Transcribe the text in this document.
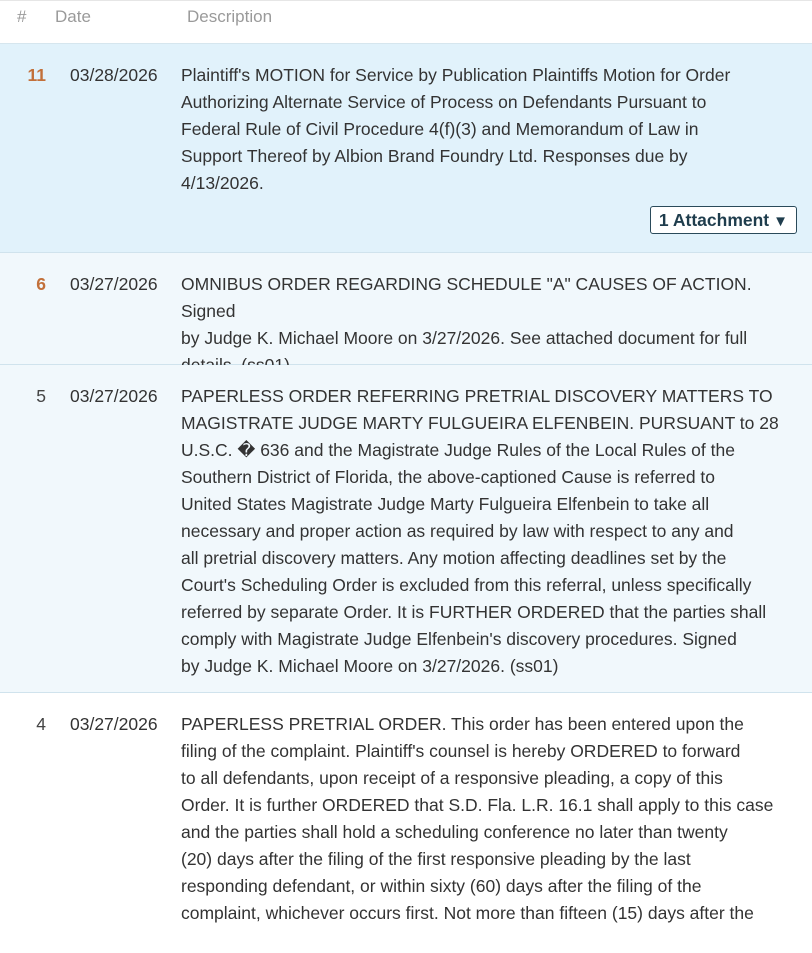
# Date	Description
11 03/28/2026 Plaintiff's MOTION for Service by Publication Plaintiffs Motion for Order
Authorizing Alternate Service of Process on Defendants Pursuant to
Federal Rule of Civil Procedure 4(f)(3) and Memorandum of Law in
Support Thereof by Albion Brand Foundry Ltd. Responses due by
4/13/2026.
1 Attachment ▼
6 03/27/2026 OMNIBUS ORDER REGARDING SCHEDULE "A" CAUSES OF ACTION. Signed
by Judge K. Michael Moore on 3/27/2026. See attached document for full
5 03/27/2026 PAPERLESS ORDER REFERRING PRETRIAL DISCOVERY MATTERS TO
MAGISTRATE JUDGE MARTY FULGUEIRA ELFENBEIN. PURSUANT to 28
U.S.C. � 636 and the Magistrate Judge Rules of the Local Rules of the
Southern District of Florida, the above-captioned Cause is referred to
United States Magistrate Judge Marty Fulgueira Elfenbein to take all
necessary and proper action as required by law with respect to any and
all pretrial discovery matters. Any motion affecting deadlines set by the
Court's Scheduling Order is excluded from this referral, unless specifically
referred by separate Order. It is FURTHER ORDERED that the parties shall
comply with Magistrate Judge Elfenbein's discovery procedures. Signed
by Judge K. Michael Moore on 3/27/2026. (ss01)
4 03/27/2026 PAPERLESS PRETRIAL ORDER. This order has been entered upon the
filing of the complaint. Plaintiff's counsel is hereby ORDERED to forward
to all defendants, upon receipt of a responsive pleading, a copy of this
Order. It is further ORDERED that S.D. Fla. L.R. 16.1 shall apply to this case
and the parties shall hold a scheduling conference no later than twenty
(20) days after the filing of the first responsive pleading by the last
responding defendant, or within sixty (60) days after the filing of the
complaint, whichever occurs first. Not more than fifteen (15) days after the
